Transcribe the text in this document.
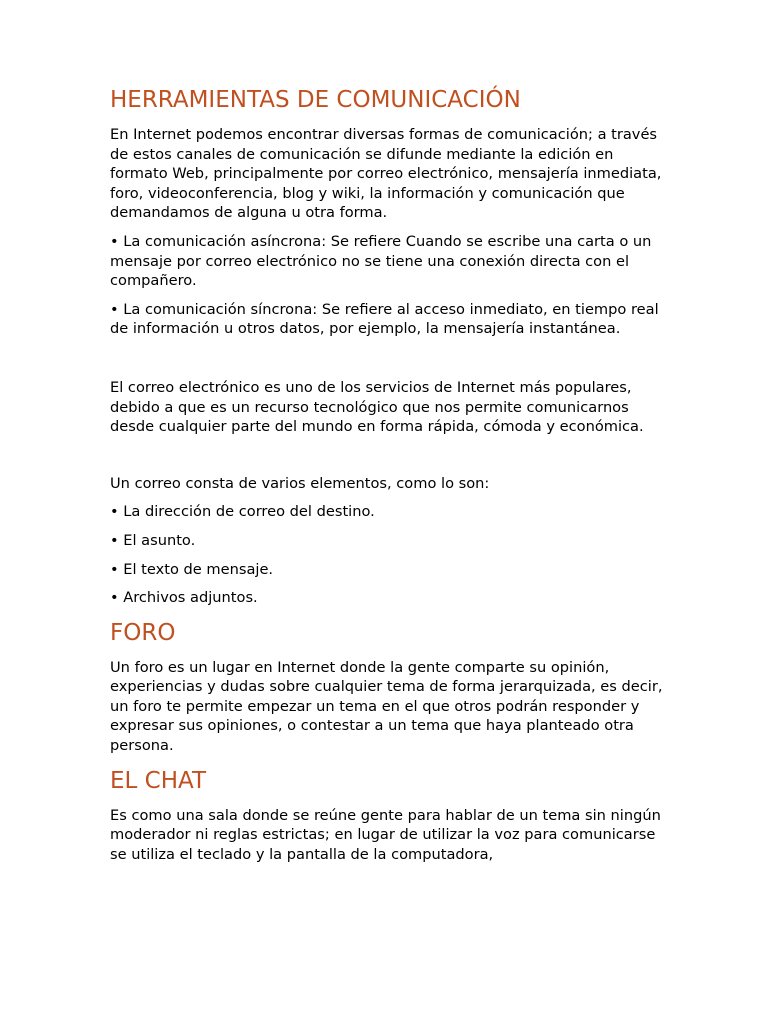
HERRAMIENTAS DE COMUNICACIÓN

En Internet podemos encontrar diversas formas de comunicación; a través de estos canales de comunicación se difunde mediante la edición en formato Web, principalmente por correo electrónico, mensajería inmediata, foro, videoconferencia, blog y wiki, la información y comunicación que demandamos de alguna u otra forma.

• La comunicación asíncrona: Se refiere Cuando se escribe una carta o un mensaje por correo electrónico no se tiene una conexión directa con el compañero.

• La comunicación síncrona: Se refiere al acceso inmediato, en tiempo real de información u otros datos, por ejemplo, la mensajería instantánea.

El correo electrónico es uno de los servicios de Internet más populares, debido a que es un recurso tecnológico que nos permite comunicarnos desde cualquier parte del mundo en forma rápida, cómoda y económica.

Un correo consta de varios elementos, como lo son:

• La dirección de correo del destino.

• El asunto.

• El texto de mensaje.

• Archivos adjuntos.

FORO

Un foro es un lugar en Internet donde la gente comparte su opinión, experiencias y dudas sobre cualquier tema de forma jerarquizada, es decir, un foro te permite empezar un tema en el que otros podrán responder y expresar sus opiniones, o contestar a un tema que haya planteado otra persona.

EL CHAT

Es como una sala donde se reúne gente para hablar de un tema sin ningún moderador ni reglas estrictas; en lugar de utilizar la voz para comunicarse se utiliza el teclado y la pantalla de la computadora,
